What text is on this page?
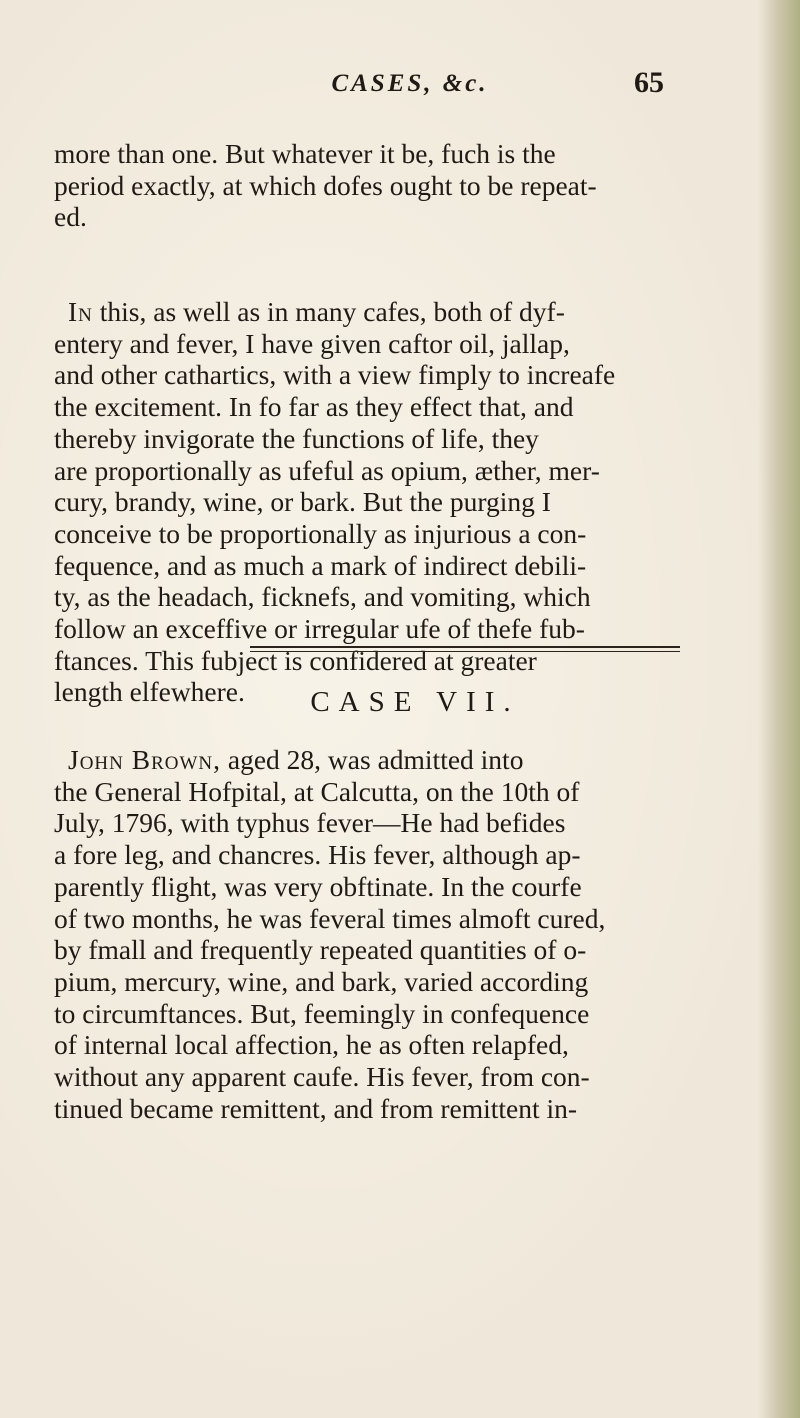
CASES, &c.	65

more than one. But whatever it be, fuch is the

period exactly, at which dofes ought to be repeat-

ed.

In this, as well as in many cafes, both of dyf-

entery and fever, I have given caftor oil, jallap,

and other cathartics, with a view fimply to increafe

the excitement. In fo far as they effect that, and

thereby invigorate the functions of life, they

are proportionally as ufeful as opium, æther, mer-

cury, brandy, wine, or bark. But the purging I

conceive to be proportionally as injurious a con-

fequence, and as much a mark of indirect debili-

ty, as the headach, ficknefs, and vomiting, which

follow an exceffive or irregular ufe of thefe fub-

ftances. This fubject is confidered at greater

length elfewhere.	CASE VII.

John Brown, aged 28, was admitted into

the General Hofpital, at Calcutta, on the 10th of

July, 1796, with typhus fever—He had befides

a fore leg, and chancres. His fever, although ap-

parently flight, was very obftinate. In the courfe

of two months, he was feveral times almoft cured,

by fmall and frequently repeated quantities of o-

pium, mercury, wine, and bark, varied according

to circumftances. But, feemingly in confequence

of internal local affection, he as often relapfed,

without any apparent caufe. His fever, from con-

tinued became remittent, and from remittent in-
